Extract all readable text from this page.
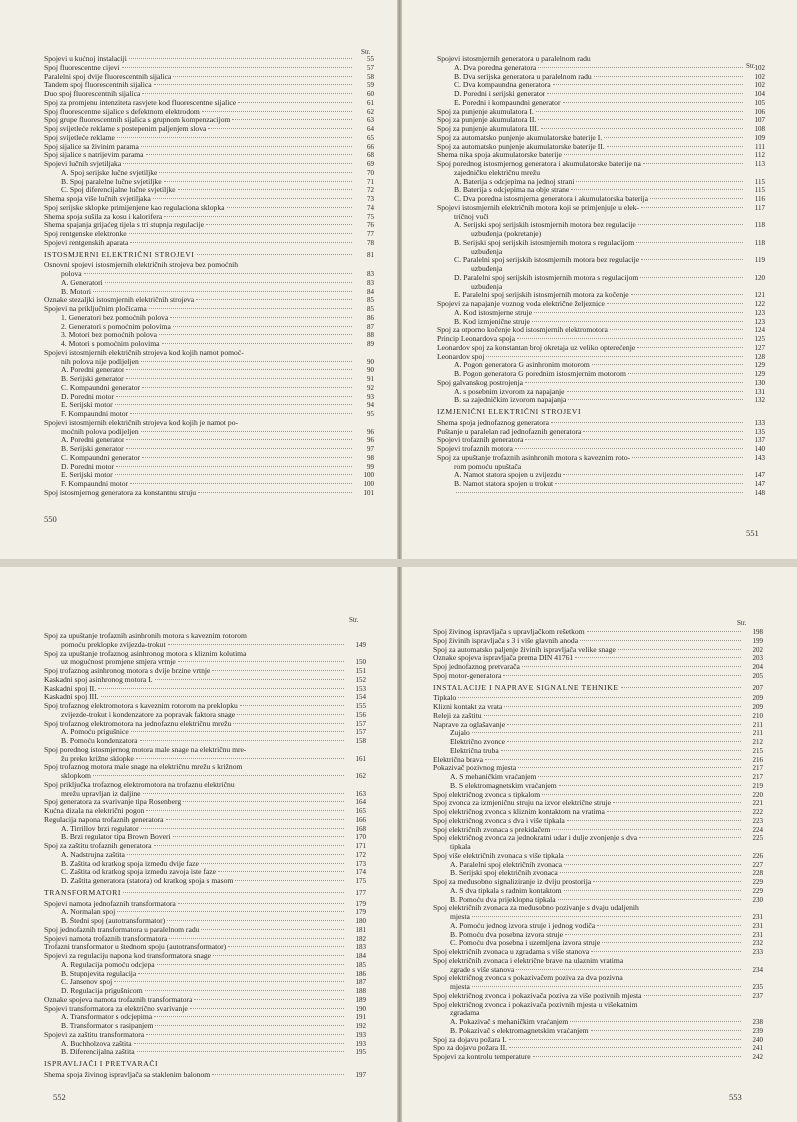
Str.
Spojevi u kućnoj instalaciji	55
Spoj fluorescentne cijevi	57
Paralelni spoj dvije fluorescentnih sijalica	58
Tandem spoj fluorescentnih sijalica	59
Duo spoj fluorescentnih sijalica	60
Spoj za promjenu intenziteta rasvjete kod fluorescentne sijalice	61
Spoj fluorescentne sijalice s defektnom elektrodom	62
Spoj grupe fluorescentnih sijalica s grupnom kompenzacijom	63
Spoj svijetleće reklame s postepenim paljenjem slova	64
Spoj svijetleće reklame	65
Spoj sijalice sa živinim parama	66
Spoj sijalice s natrijevim parama	68
Spojevi lučnih svjetiljaka	69
A. Spoj serijske lučne svjetiljke	70
B. Spoj paralelne lučne svjetiljke	71
C. Spoj diferencijalne lučne svjetiljke	72
Shema spoja više lučnih svjetiljaka	73
Spoj serijske sklopke primijenjene kao regulaciona sklopka	74
Shema spoja sušila za kosu i kalorifera	75
Shema spajanja grijaćeg tijela s tri stupnja regulacije	76
Spoj rentgenske elektronke	77
Spojevi rentgenskih aparata	78
ISTOSMJERNI ELEKTRIČNI STROJEVI	81
Osnovni spojevi istosmjernih električnih strojeva bez pomoćnih
polova	83
A. Generatori	83
B. Motori	84
Oznake stezaljki istosmjernih električnih strojeva	85
Spojevi na priključnim pločicama	85
1. Generatori bez pomoćnih polova	86
2. Generatori s pomoćnim polovima	87
3. Motori bez pomoćnih polova	88
4. Motori s pomoćnim polovima	89
Spojevi istosmjernih električnih strojeva kod kojih namot pomoć-
nih polova nije podijeljen	90
A. Poredni generator	90
B. Serijski generator	91
C. Kompaundni generator	92
D. Poredni motor	93
E. Serijski motor	94
F. Kompaundni motor	95
Spojevi istosmjernih električnih strojeva kod kojih je namot po-
moćnih polova podijeljen	96
A. Poredni generator	96
B. Serijski generator	97
C. Kompaundni generator	98
D. Poredni motor	99
E. Serijski motor	100
F. Kompaundni motor	100
Spoj istosmjernog generatora za konstantnu struju	101
550
Str.
Spojevi istosmjernih generatora u paralelnom radu
A. Dva poredna generatora	102
B. Dva serijska generatora u paralelnom radu	102
C. Dva kompaundna generatora	102
D. Poredni i serijski generator	104
E. Poredni i kompaundni generator	105
Spoj za punjenje akumulatora I.	106
Spoj za punjenje akumulatora II.	107
Spoj za punjenje akumulatora III.	108
Spoj za automatsko punjenje akumulatorske baterije I.	109
Spoj za automatsko punjenje akumulatorske baterije II.	111
Shema nika spoja akumulatorske baterije	112
Spoj porednog istosmjernog generatora i akumulatorske baterije na	113
zajedničku električnu mrežu
A. Baterija s odcjepima na jednoj strani	115
B. Baterija s odcjepima na obje strane	115
C. Dva poredna istosmjerna generatora i akumulatorska baterija	116
Spojevi istosmjernih električnih motora koji se primjenjuje u elek-	117
tričnoj vuči
A. Serijski spoj serijskih istosmjernih motora bez regulacije	118
uzbuđenja (pokretanje)
B. Serijski spoj serijskih istosmjernih motora s regulacijom	118
uzbuđenja
C. Paralelni spoj serijskih istosmjernih motora bez regulacije	119
uzbuđenja
D. Paralelni spoj serijskih istosmjernih motora s regulacijom	120
uzbuđenja
E. Paralelni spoj serijskih istosmjernih motora za kočenje	121
Spojevi za napajanje voznog voda električne željeznice	122
A. Kod istosmjerne struje	123
B. Kod izmjenične struje	123
Spoj za otporno kočenje kod istosmjernih elektromotora	124
Princip Leonardova spoja	125
Leonardov spoj za konstantan broj okretaja uz veliko opterećenje	127
Leonardov spoj	128
A. Pogon generatora G asinhronim motorom	129
B. Pogon generatora G porednim istosmjernim motorom	129
Spoj galvanskog postrojenja	130
A. s posebnim izvorom za napajanje	131
B. sa zajedničkim izvorom napajanja	132
IZMJENIČNI ELEKTRIČNI STROJEVI
Shema spoja jednofaznog generatora	133
Puštanje u paralelan rad jednofaznih generatora	135
Spojevi trofaznih generatora	137
Spojevi trofaznih motora	140
Spoj za upuštanje trofaznih asinhronih motora s kaveznim roto-	143
rom pomoću upuštača
A. Namot statora spojen u zvijezdu	147
B. Namot statora spojen u trokut	147
148
551
Str.
Spoj za upuštanje trofaznih asinhronih motora s kaveznim rotorom
pomoću preklopke zvijezda-trokut	149
Spoj za upuštanje trofaznog asinhronog motora s kliznim kolutima
uz mogućnost promjene smjera vrtnje	150
Spoj trofaznog asinhronog motora s dvije brzine vrtnje	151
Kaskadni spoj asinhronog motora I.	152
Kaskadni spoj II.	153
Kaskadni spoj III.	154
Spoj trofaznog elektromotora s kaveznim rotorom na preklopku	155
zvijezde-trokut i kondenzatore za popravak faktora snage	156
Spoj trofaznog elektromotora na jednofaznu električnu mrežu	157
A. Pomoću prigušnice	157
B. Pomoću kondenzatora	158
Spoj porednog istosmjernog motora male snage na električnu mre-
žu preko križne sklopke	161
Spoj trofaznog motora male snage na električnu mrežu s križnom
sklopkom	162
Spoj priključka trofaznog elektromotora na trofaznu električnu
mrežu upravljan iz daljine	163
Spoj generatora za svarivanje tipa Rosenberg	164
Kućna dizala na električni pogon	165
Regulacija napona trofaznih generatora	166
A. Tirrillov brzi regulator	168
B. Brzi regulator tipa Brown Boveri	170
Spoj za zaštitu trofaznih generatora	171
A. Nadstrujna zaštita	172
B. Zaštita od kratkog spoja između dvije faze	173
C. Zaštita od kratkog spoja između zavoja iste faze	174
D. Zaštita generatora (statora) od kratkog spoja s masom	175
TRANSFORMATORI	177
Spojevi namota jednofaznih transformatora	179
A. Normalan spoj	179
B. Štedni spoj (autotransformator)	180
Spoj jednofaznih transformatora u paralelnom radu	181
Spojevi namota trofaznih transformatora	182
Trofazni transformator u štednom spoju (autotransformator)	183
Spojevi za regulaciju napona kod transformatora snage	184
A. Regulacija pomoću odcjepa	185
B. Stupnjevita regulacija	186
C. Jansenov spoj	187
D. Regulacija prigušnicom	188
Oznake spojeva namota trofaznih transformatora	189
Spojevi transformatora za električno svarivanje	190
A. Transformator s odcjepima	191
B. Transformator s rasipanjem	192
Spojevi za zaštitu transformatora	193
A. Buchholzova zaštita	193
B. Diferencijalna zaštita	195
ISPRAVLJAČI I PRETVARAČI
Shema spoja živinog ispravljača sa staklenim balonom	197
552
Str.
Spoj živinog ispravljača s upravljačkom rešetkom	198
Spoj živinih ispravljača s 3 i više glavnih anoda	199
Spoj za automatsko paljenje živinih ispravljača velike snage	202
Oznake spojeva ispravljača prema DIN 41761	203
Spoj jednofaznog pretvarača	204
Spoj motor-generatora	205
INSTALACIJE I NAPRAVE SIGNALNE TEHNIKE	207
Tipkalo	209
Klizni kontakt za vrata	209
Releji za zaštitu	210
Naprave za oglašavanje	211
Zujalo	211
Električno zvonce	212
Električna truba	215
Električna brava	216
Pokazivač pozivnog mjesta	217
A. S mehaničkim vraćanjem	217
B. S elektromagnetskim vraćanjem	219
Spoj električnog zvonca s tipkalom	220
Spoj zvonca za izmjeničnu struju na izvor električne struje	221
Spoj električnog zvonca s kliznim kontaktom na vratima	222
Spoj električnog zvonca s dva i više tipkala	223
Spoj električnih zvonaca s prekidačem	224
Spoj električnog zvonca za jednokratni udar i dulje zvonjenje s dva	225
tipkala
Spoj više električnih zvonaca s više tipkala	226
A. Paralelni spoj električnih zvonaca	227
B. Serijski spoj električnih zvonaca	228
Spoj za međusobno signaliziranje iz dviju prostorija	229
A. S dva tipkala s radnim kontaktom	229
B. Pomoću dva prijeklopna tipkala	230
Spoj električnih zvonaca za međusobno pozivanje s dvaju udaljenih
mjesta	231
A. Pomoću jednog izvora struje i jednog vodiča	231
B. Pomoću dva posebna izvora struje	231
C. Pomoću dva posebna i uzemljena izvora struje	232
Spoj električnih zvonaca u zgradama s više stanova	233
Spoj električnih zvonaca i električne brave na ulaznim vratima
zgrade s više stanova	234
Spoj električnog zvonca s pokazivačem poziva za dva pozivna
mjesta	235
Spoj električnog zvonca i pokazivača poziva za više pozivnih mjesta	237
Spoj električnog zvonca i pokazivača pozivnih mjesta u višekatnim
zgradama
A. Pokazivač s mehaničkim vraćanjem	238
B. Pokazivač s elektromagnetskim vraćanjem	239
Spoj za dojavu požara I.	240
Spo za dojavu požara II.	241
Spojevi za kontrolu temperature	242
553
